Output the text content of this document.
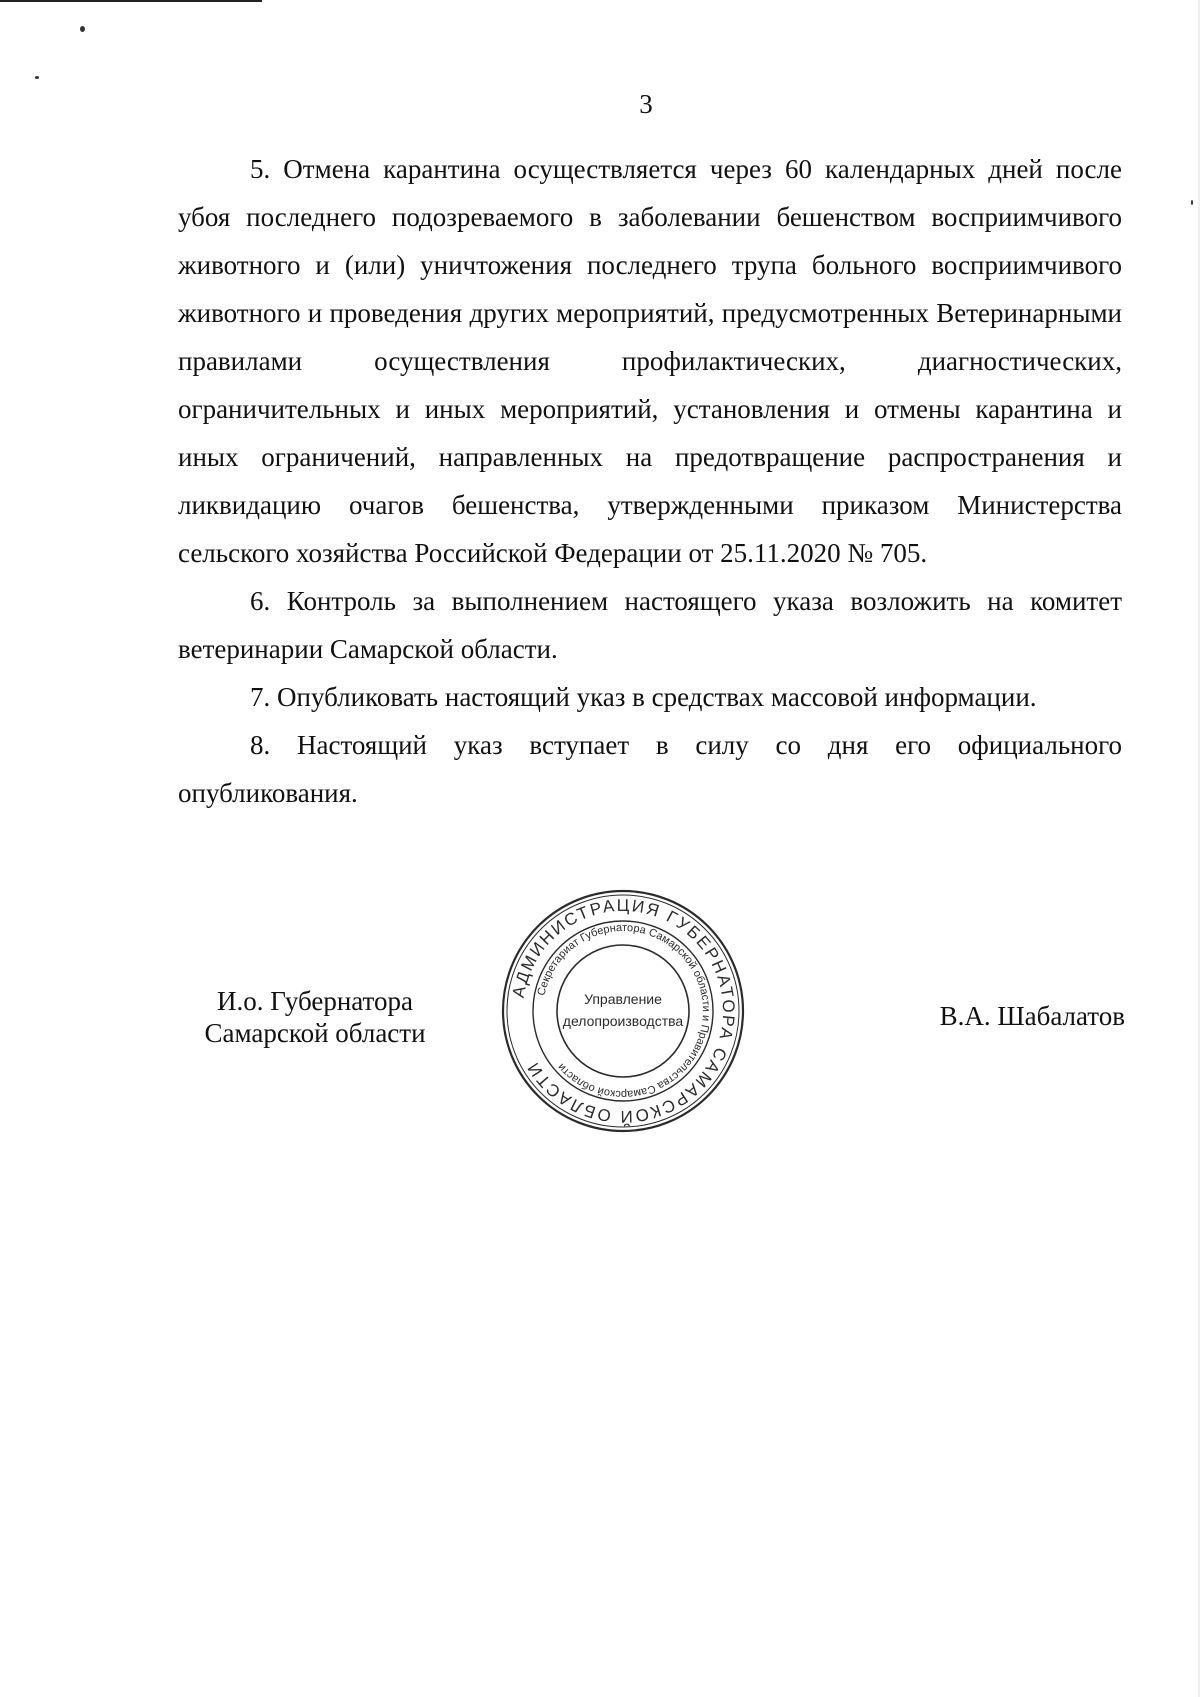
3

5. Отмена карантина осуществляется через 60 календарных дней после убоя последнего подозреваемого в заболевании бешенством восприимчивого животного и (или) уничтожения последнего трупа больного восприимчивого животного и проведения других мероприятий, предусмотренных Ветеринарными правилами осуществления профилактических, диагностических, ограничительных и иных мероприятий, установления и отмены карантина и иных ограничений, направленных на предотвращение распространения и ликвидацию очагов бешенства, утвержденными приказом Министерства сельского хозяйства Российской Федерации от 25.11.2020 № 705.

6. Контроль за выполнением настоящего указа возложить на комитет ветеринарии Самарской области.

7. Опубликовать настоящий указ в средствах массовой информации.

8. Настоящий указ вступает в силу со дня его официального опубликования.

И.о. Губернатора
Самарской области
АДМИНИСТРАЦИЯ ГУБЕРНАТОРА САМАРСКОЙ ОБЛАСТИ
Секретариат Губернатора Самарской области и Правительства Самарской области
Управление
делопроизводства	В.А. Шабалатов
